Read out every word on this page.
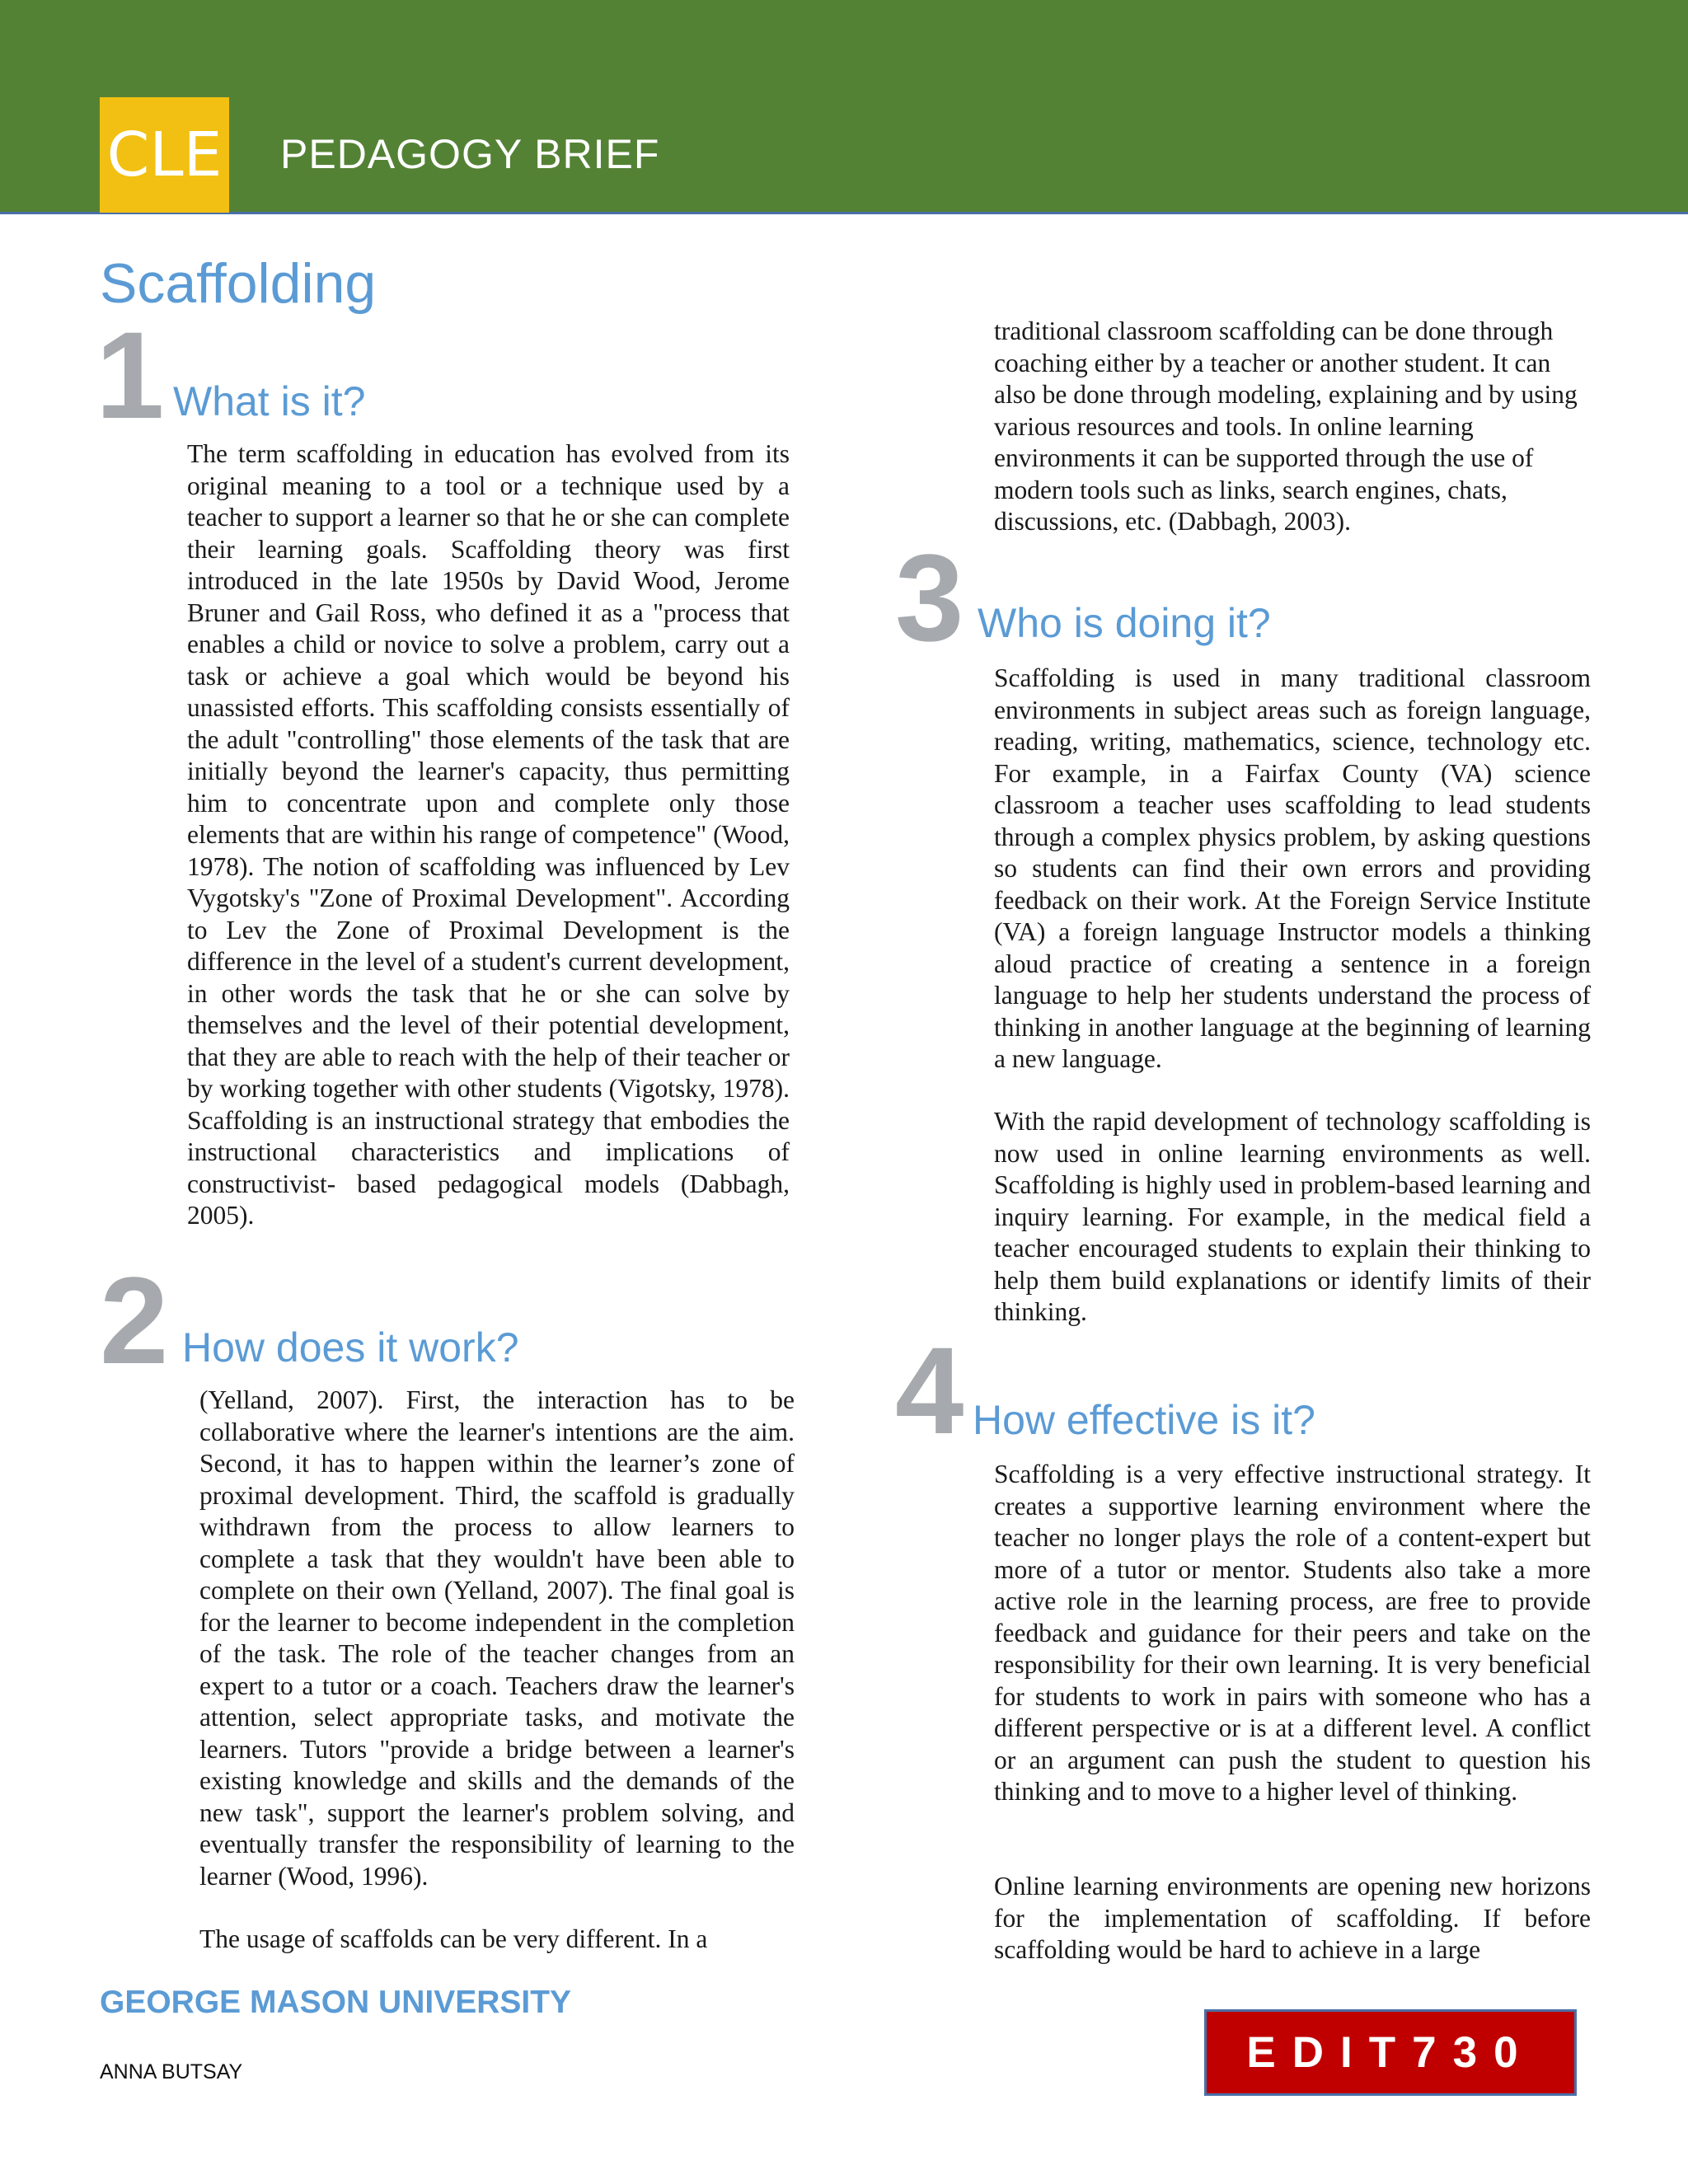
CLE PEDAGOGY BRIEF
Scaffolding
1 What is it?

The term scaffolding in education has evolved from its original meaning to a tool or a technique used by a teacher to support a learner so that he or she can complete their learning goals. Scaffolding theory was first introduced in the late 1950s by David Wood, Jerome Bruner and Gail Ross, who defined it as a "process that enables a child or novice to solve a problem, carry out a task or achieve a goal which would be beyond his unassisted efforts. This scaffolding consists essentially of the adult "controlling" those elements of the task that are initially beyond the learner's capacity, thus permitting him to concentrate upon and complete only those elements that are within his range of competence" (Wood, 1978). The notion of scaffolding was influenced by Lev Vygotsky's "Zone of Proximal Development". According to Lev the Zone of Proximal Development is the difference in the level of a student's current development, in other words the task that he or she can solve by themselves and the level of their potential development, that they are able to reach with the help of their teacher or by working together with other students (Vigotsky, 1978). Scaffolding is an instructional strategy that embodies the instructional characteristics and implications of constructivist- based pedagogical models (Dabbagh, 2005).

2 How does it work?

(Yelland, 2007). First, the interaction has to be collaborative where the learner's intentions are the aim. Second, it has to happen within the learner’s zone of proximal development. Third, the scaffold is gradually withdrawn from the process to allow learners to complete a task that they wouldn't have been able to complete on their own (Yelland, 2007). The final goal is for the learner to become independent in the completion of the task. The role of the teacher changes from an expert to a tutor or a coach. Teachers draw the learner's attention, select appropriate tasks, and motivate the learners. Tutors "provide a bridge between a learner's existing knowledge and skills and the demands of the new task", support the learner's problem solving, and eventually transfer the responsibility of learning to the learner (Wood, 1996).

The usage of scaffolds can be very different. In a

traditional classroom scaffolding can be done through coaching either by a teacher or another student. It can also be done through modeling, explaining and by using various resources and tools. In online learning environments it can be supported through the use of modern tools such as links, search engines, chats, discussions, etc. (Dabbagh, 2003).

3 Who is doing it?

Scaffolding is used in many traditional classroom environments in subject areas such as foreign language, reading, writing, mathematics, science, technology etc. For example, in a Fairfax County (VA) science classroom a teacher uses scaffolding to lead students through a complex physics problem, by asking questions so students can find their own errors and providing feedback on their work. At the Foreign Service Institute (VA) a foreign language Instructor models a thinking aloud practice of creating a sentence in a foreign language to help her students understand the process of thinking in another language at the beginning of learning a new language.

With the rapid development of technology scaffolding is now used in online learning environments as well. Scaffolding is highly used in problem-based learning and inquiry learning. For example, in the medical field a teacher encouraged students to explain their thinking to help them build explanations or identify limits of their thinking.

4 How effective is it?

Scaffolding is a very effective instructional strategy. It creates a supportive learning environment where the teacher no longer plays the role of a content-expert but more of a tutor or mentor. Students also take a more active role in the learning process, are free to provide feedback and guidance for their peers and take on the responsibility for their own learning. It is very beneficial for students to work in pairs with someone who has a different perspective or is at a different level. A conflict or an argument can push the student to question his thinking and to move to a higher level of thinking.

Online learning environments are opening new horizons for the implementation of scaffolding. If before scaffolding would be hard to achieve in a large

GEORGE MASON UNIVERSITY
ANNA BUTSAY	EDIT730
